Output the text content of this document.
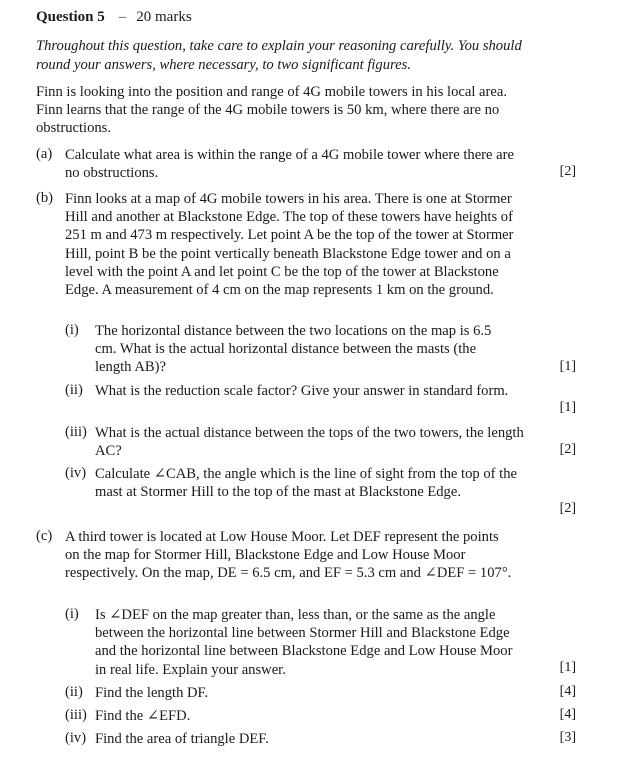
Question 5 – 20 marks
Throughout this question, take care to explain your reasoning carefully. You should round your answers, where necessary, to two significant figures.
Finn is looking into the position and range of 4G mobile towers in his local area. Finn learns that the range of the 4G mobile towers is 50 km, where there are no obstructions.
(a) Calculate what area is within the range of a 4G mobile tower where there are no obstructions.	[ 2 ]
(b) Finn looks at a map of 4G mobile towers in his area. There is one at Stormer Hill and another at Blackstone Edge. The top of these towers have heights of 251 m and 473 m respectively. Let point A be the top of the tower at Stormer Hill, point B be the point vertically beneath Blackstone Edge tower and on a level with the point A and let point C be the top of the tower at Blackstone Edge. A measurement of 4 cm on the map represents 1 km on the ground.
(i) The horizontal distance between the two locations on the map is 6.5 cm. What is the actual horizontal distance between the masts (the length AB)?	[ 1 ]
(ii) What is the reduction scale factor? Give your answer in standard form.
[ 1 ]
(iii) What is the actual distance between the tops of the two towers, the length AC?	[ 2 ]
(iv) Calculate ∠CAB, the angle which is the line of sight from the top of the mast at Stormer Hill to the top of the mast at Blackstone Edge.
[ 2 ]
(c) A third tower is located at Low House Moor. Let DEF represent the points on the map for Stormer Hill, Blackstone Edge and Low House Moor respectively. On the map, DE = 6.5 cm, and EF = 5.3 cm and ∠DEF = 107°.
(i) Is ∠DEF on the map greater than, less than, or the same as the angle between the horizontal line between Stormer Hill and Blackstone Edge and the horizontal line between Blackstone Edge and Low House Moor in real life. Explain your answer.	[ 1 ]
(ii) Find the length DF.	[ 4 ]
(iii) Find the ∠EFD.	[ 4 ]
(iv) Find the area of triangle DEF.	[ 3 ]
